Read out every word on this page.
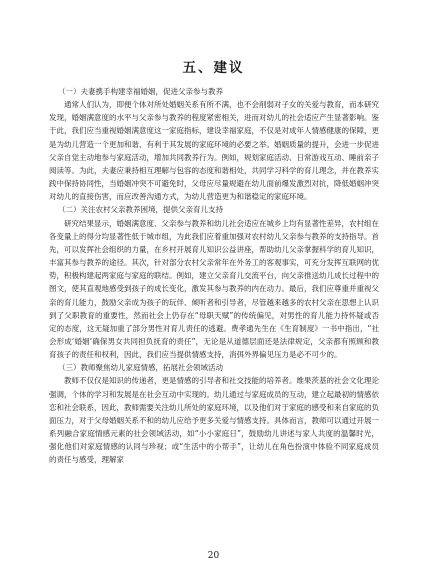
五、建议
（一）夫妻携手构建幸福婚姻，促进父亲参与教养

通常人们认为，即便个体对所处婚姻关系有所不满，也不会削弱对子女的关爱与教育，而本研究发现，婚姻满意度的水平与父亲参与教养的程度紧密相关，进而对幼儿的社会适应产生显著影响。鉴于此，我们应当重视婚姻满意度这一家庭指标，建设幸福家庭，不仅是对成年人情感健康的保障，更是为幼儿营造一个更加和谐、有利于其发展的家庭环境的必要之举。婚姻质量的提升，会进一步促进父亲自觉主动地参与家庭活动，增加共同教养行为。例如，规划家庭活动、日常游戏互动、睡前亲子阅读等。为此，夫妻应秉持相互理解与包容的态度和谐相处，共同学习科学的育儿理念，并在教养实践中保持协同性，当婚姻冲突不可避免时，父母应尽量规避在幼儿面前爆发激烈对抗，降低婚姻冲突对幼儿的直接伤害，而应改善沟通方式，为幼儿营造更为和谐稳定的家庭环境。

（二）关注农村父亲教养困境，提供父亲育儿支持

研究结果显示，婚姻满意度、父亲参与教养和幼儿社会适应在城乡上均有显著性差异，农村组在各变量上的得分均显著性低于城市组，为此我们应着重加强对农村幼儿父亲参与教养的支持指导。首先，可以发挥社会组织的力量，在乡村开展育儿知识公益讲座，帮助幼儿父亲掌握科学的育儿知识，丰富其参与教养的途径。其次，针对部分农村父亲常年在外务工的客观事实，可充分发挥互联网的优势，积极构建起两家庭与家庭的联结。例如，建立父亲育儿交流平台，向父亲推送幼儿成长过程中的图文，使其直观地感受到孩子的成长变化，激发其参与教养的内在动力。最后，我们应尊重并重视父亲的育儿能力，鼓励父亲成为孩子的玩伴、倾听者和引导者，尽管越来越多的农村父亲在思想上认识到了父职教育的重要性，然而社会上仍存在“母职天赋”的传统偏见，对男性的育儿能力持怀疑或否定的态度，这无疑加重了部分男性对育儿责任的逃避。费孝通先生在《生育制度》一书中指出，“社会形成‘婚姻’确保男女共同担负抚育的责任”，无论是从道德层面还是法律规定，父亲都有照顾和教育孩子的责任和权利，因此，我们应当提供情感支持，消弭外界偏见压力是必不可少的。

（三）教师聚焦幼儿家庭情感，拓展社会领域活动

教师不仅仅是知识的传递者，更是情感的引导者和社交技能的培养者。维果茨基的社会文化理论强调，个体的学习和发展是在社会互动中实现的。幼儿通过与家庭成员的互动，建立起最初的情感依恋和社会联系，因此，教师需要关注幼儿所处的家庭环境，以及他们对于家庭的感受和来自家庭的负面压力，对于父母婚姻关系不和的幼儿应给予更多关爱与情感支持。具体而言，教师可以通过开展一系列融合家庭情感元素的社会领域活动，如“小小家庭日”，鼓励幼儿讲述与家人共度的温馨时光，强化他们对家庭情感的认同与珍视；或“生活中的小帮手”，让幼儿在角色扮演中体验不同家庭成员的责任与感受，理解家

20
